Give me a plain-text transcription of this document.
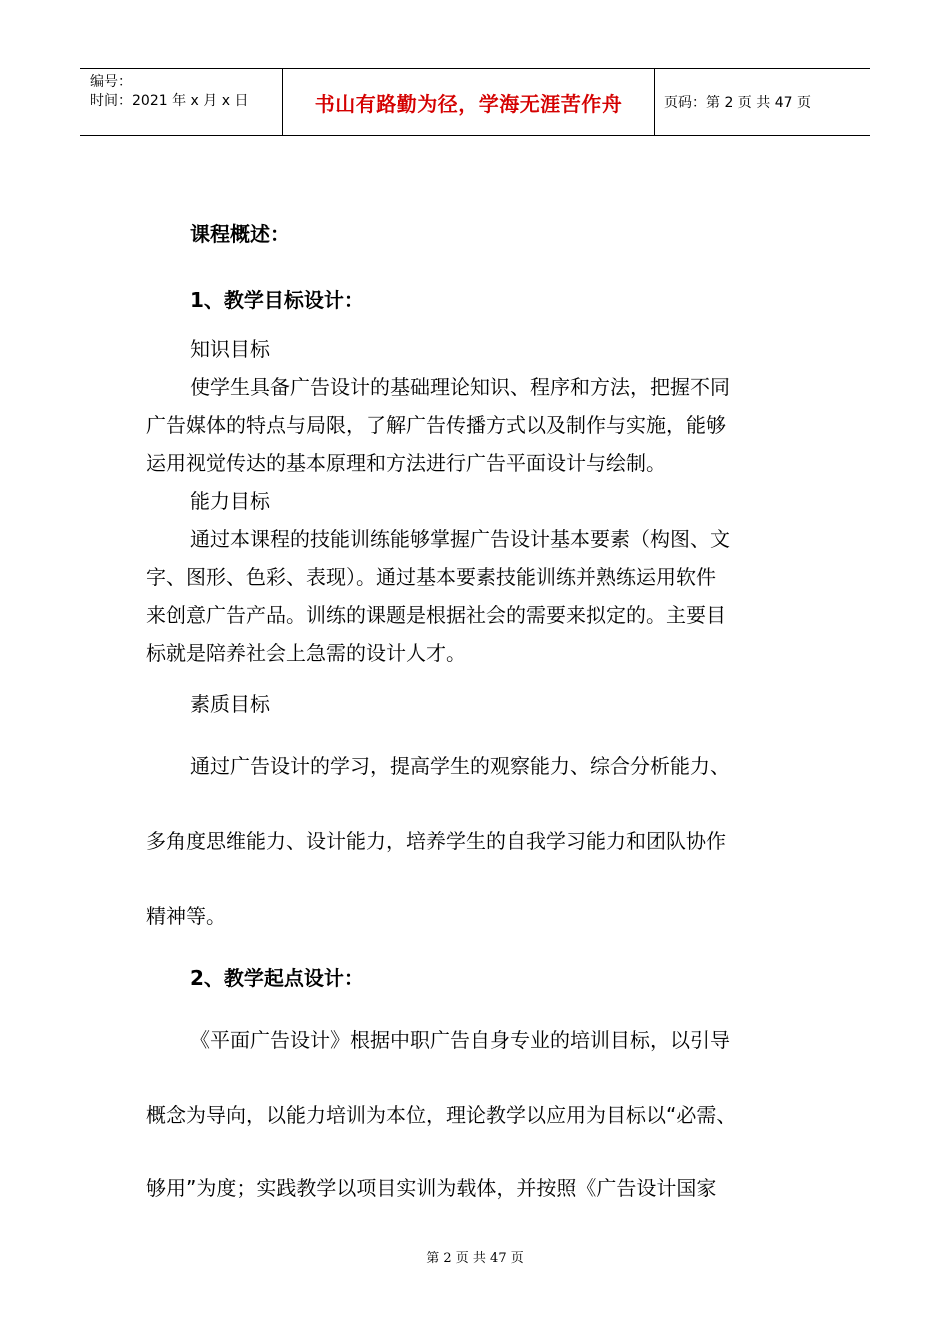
编号：
时间：2021 年 x 月 x 日	书山有路勤为径，学海无涯苦作舟	页码：第 2 页 共 47 页
课程概述：
1、教学目标设计：
知识目标
使学生具备广告设计的基础理论知识、程序和方法，把握不同
广告媒体的特点与局限，了解广告传播方式以及制作与实施，能够
运用视觉传达的基本原理和方法进行广告平面设计与绘制。
能力目标
通过本课程的技能训练能够掌握广告设计基本要素（构图、文
字、图形、色彩、表现）。通过基本要素技能训练并熟练运用软件
来创意广告产品。训练的课题是根据社会的需要来拟定的。主要目
标就是陪养社会上急需的设计人才。
素质目标
通过广告设计的学习，提高学生的观察能力、综合分析能力、
多角度思维能力、设计能力，培养学生的自我学习能力和团队协作
精神等。
2、教学起点设计：
《平面广告设计》根据中职广告自身专业的培训目标，以引导
概念为导向，以能力培训为本位，理论教学以应用为目标以“必需、
够用”为度；实践教学以项目实训为载体，并按照《广告设计国家
第 2 页 共 47 页
